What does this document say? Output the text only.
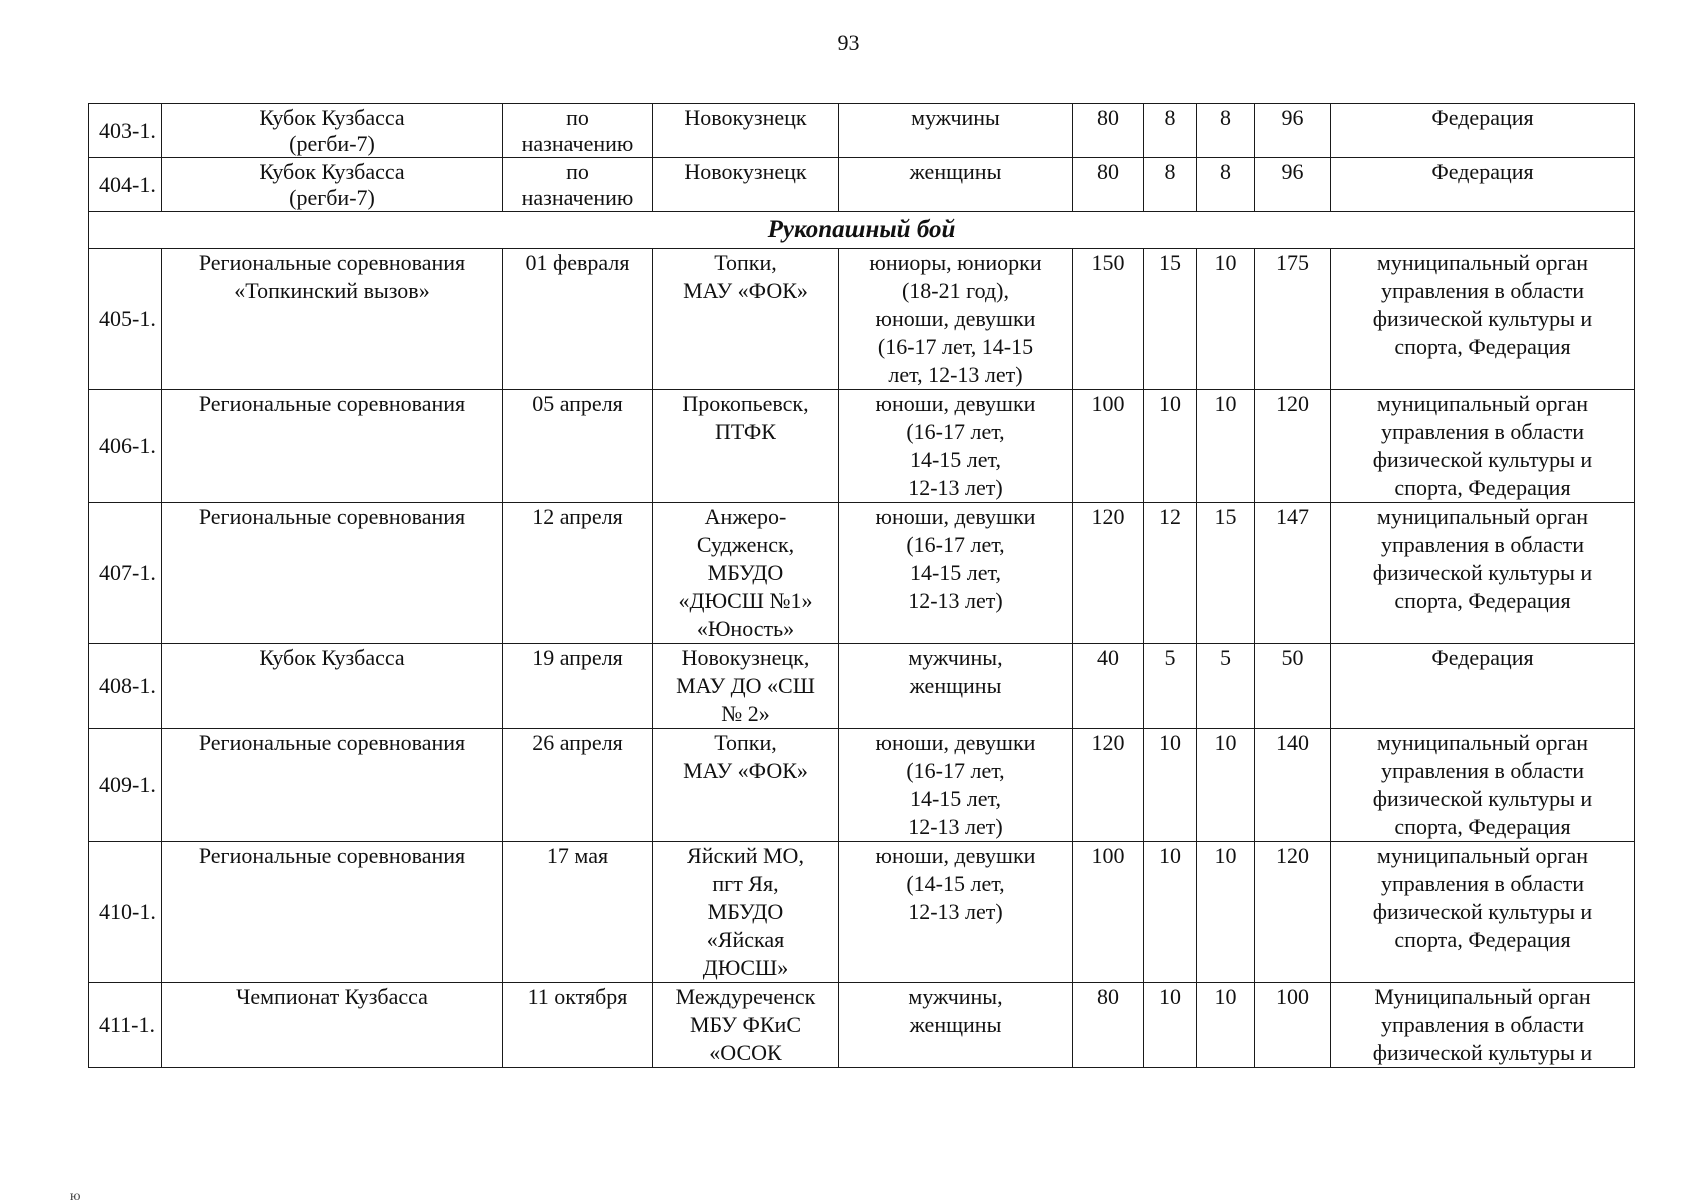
93
403-1.	Кубок Кузбасса
(регби-7)	по
назначению	Новокузнецк	мужчины	80	8	8	96	Федерация
404-1.	Кубок Кузбасса
(регби-7)	по
назначению	Новокузнецк	женщины	80	8	8	96	Федерация
Рукопашный бой									
405-1.	Региональные соревнования
«Топкинский вызов»	01 февраля	Топки,
МАУ «ФОК»	юниоры, юниорки
(18-21 год),
юноши, девушки
(16-17 лет, 14-15
лет, 12-13 лет)	150	15	10	175	муниципальный орган
управления в области
физической культуры и
спорта, Федерация
406-1.	Региональные соревнования	05 апреля	Прокопьевск,
ПТФК	юноши, девушки
(16-17 лет,
14-15 лет,
12-13 лет)	100	10	10	120	муниципальный орган
управления в области
физической культуры и
спорта, Федерация
407-1.	Региональные соревнования	12 апреля	Анжеро-
Судженск,
МБУДО
«ДЮСШ №1»
«Юность»	юноши, девушки
(16-17 лет,
14-15 лет,
12-13 лет)	120	12	15	147	муниципальный орган
управления в области
физической культуры и
спорта, Федерация
408-1.	Кубок Кузбасса	19 апреля	Новокузнецк,
МАУ ДО «СШ
№ 2»	мужчины,
женщины	40	5	5	50	Федерация
409-1.	Региональные соревнования	26 апреля	Топки,
МАУ «ФОК»	юноши, девушки
(16-17 лет,
14-15 лет,
12-13 лет)	120	10	10	140	муниципальный орган
управления в области
физической культуры и
спорта, Федерация
410-1.	Региональные соревнования	17 мая	Яйский МО,
пгт Яя,
МБУДО
«Яйская
ДЮСШ»	юноши, девушки
(14-15 лет,
12-13 лет)	100	10	10	120	муниципальный орган
управления в области
физической культуры и
спорта, Федерация
411-1.	Чемпионат Кузбасса	11 октября	Междуреченск
МБУ ФКиС
«ОСОК	мужчины,
женщины	80	10	10	100	Муниципальный орган
управления в области
физической культуры и
ю
